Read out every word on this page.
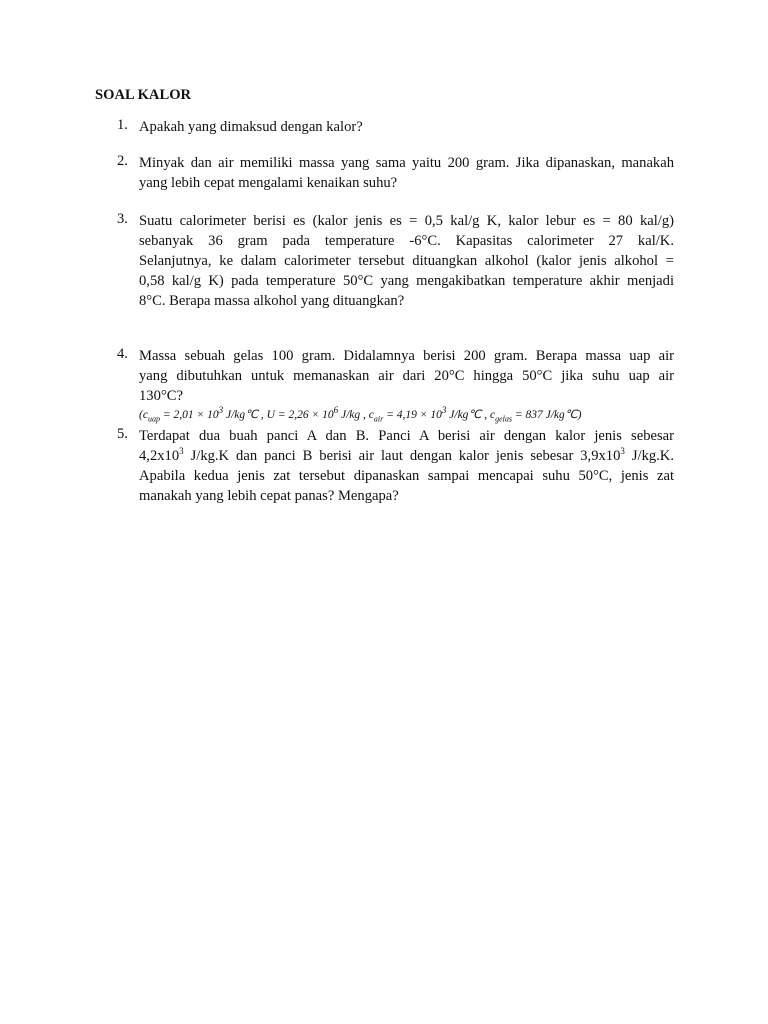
SOAL KALOR
1. Apakah yang dimaksud dengan kalor?
2. Minyak dan air memiliki massa yang sama yaitu 200 gram. Jika dipanaskan, manakah
yang lebih cepat mengalami kenaikan suhu?
3. Suatu calorimeter berisi es (kalor jenis es = 0,5 kal/g K, kalor lebur es = 80 kal/g)
sebanyak 36 gram pada temperature -6°C. Kapasitas calorimeter 27 kal/K.
Selanjutnya, ke dalam calorimeter tersebut dituangkan alkohol (kalor jenis alkohol =
0,58 kal/g K) pada temperature 50°C yang mengakibatkan temperature akhir menjadi
8°C. Berapa massa alkohol yang dituangkan?
4. Massa sebuah gelas 100 gram. Didalamnya berisi 200 gram. Berapa massa uap air
yang dibutuhkan untuk memanaskan air dari 20°C hingga 50°C jika suhu uap air
130°C?
($c_{uap} = 2,01 \times 10^3$ J/kg℃ , $U = 2,26 \times 10^6$ J/kg , $c_{air} = 4,19 \times 10^3$ J/kg℃ , $c_{gelas} = 837$ J/kg℃)
5. Terdapat dua buah panci A dan B. Panci A berisi air dengan kalor jenis sebesar
$4,2x10^3$ J/kg.K dan panci B berisi air laut dengan kalor jenis sebesar $3,9x10^3$ J/kg.K.
Apabila kedua jenis zat tersebut dipanaskan sampai mencapai suhu 50°C, jenis zat
manakah yang lebih cepat panas? Mengapa?
